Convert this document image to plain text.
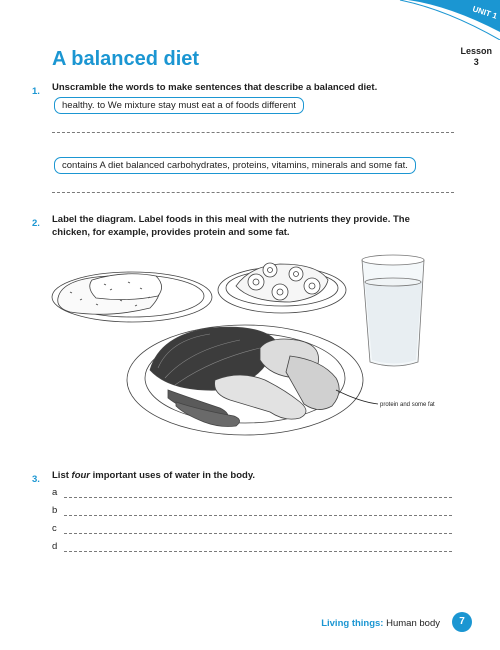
UNIT 1
Lesson
3
A balanced diet
1. Unscramble the words to make sentences that describe a balanced diet.
healthy. to We mixture stay must eat a of foods different
contains A diet balanced carbohydrates, proteins, vitamins, minerals and some fat.
2. Label the diagram. Label foods in this meal with the nutrients they provide. The
chicken, for example, provides protein and some fat.
protein and some fat
3. List four important uses of water in the body.
a
b
c
d
Living things: Human body	7
